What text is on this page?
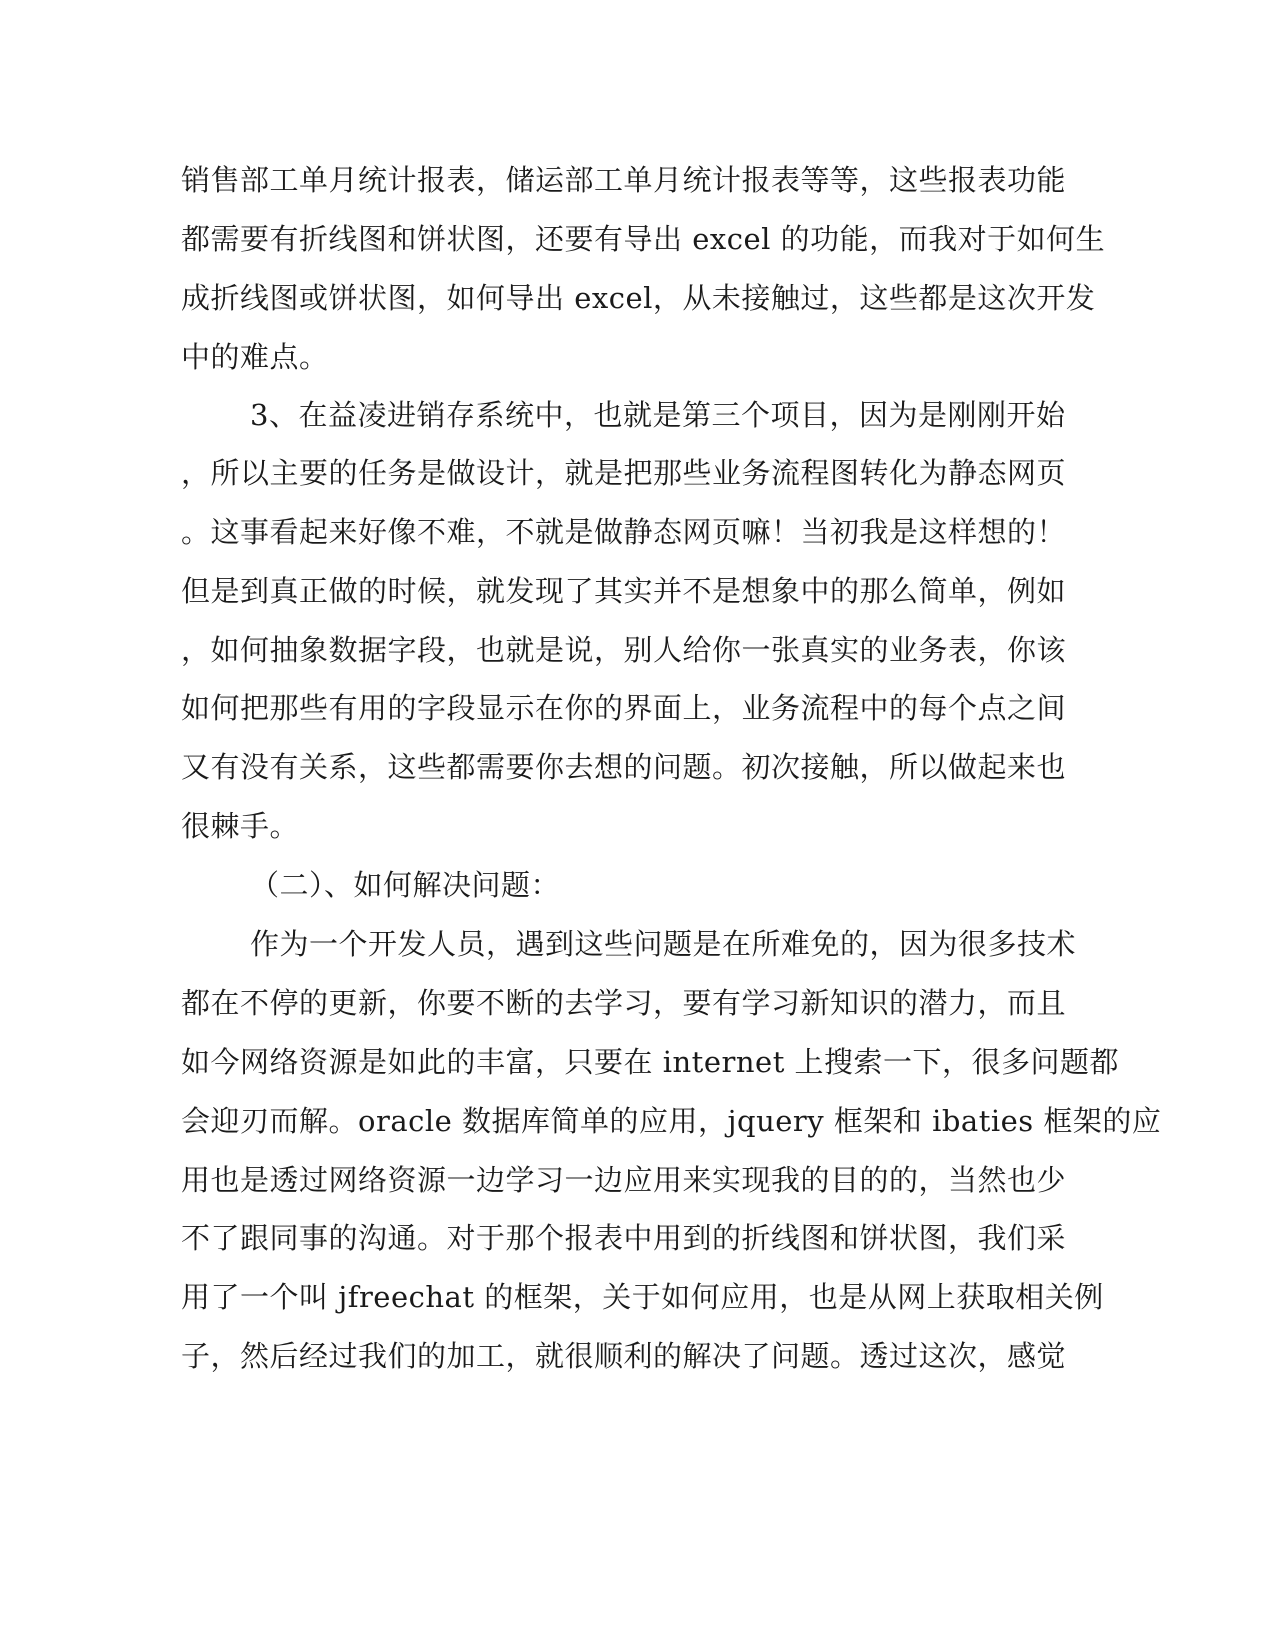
销售部工单月统计报表，储运部工单月统计报表等等，这些报表功能
都需要有折线图和饼状图，还要有导出 excel 的功能，而我对于如何生
成折线图或饼状图，如何导出 excel，从未接触过，这些都是这次开发
中的难点。
3、在益凌进销存系统中，也就是第三个项目，因为是刚刚开始
，所以主要的任务是做设计，就是把那些业务流程图转化为静态网页
。这事看起来好像不难，不就是做静态网页嘛！当初我是这样想的！
但是到真正做的时候，就发现了其实并不是想象中的那么简单，例如
，如何抽象数据字段，也就是说，别人给你一张真实的业务表，你该
如何把那些有用的字段显示在你的界面上，业务流程中的每个点之间
又有没有关系，这些都需要你去想的问题。初次接触，所以做起来也
很棘手。
（二）、如何解决问题：
作为一个开发人员，遇到这些问题是在所难免的，因为很多技术
都在不停的更新，你要不断的去学习，要有学习新知识的潜力，而且
如今网络资源是如此的丰富，只要在 internet 上搜索一下，很多问题都
会迎刃而解。oracle 数据库简单的应用，jquery 框架和 ibaties 框架的应
用也是透过网络资源一边学习一边应用来实现我的目的的，当然也少
不了跟同事的沟通。对于那个报表中用到的折线图和饼状图，我们采
用了一个叫 jfreechat 的框架，关于如何应用，也是从网上获取相关例
子，然后经过我们的加工，就很顺利的解决了问题。透过这次，感觉
